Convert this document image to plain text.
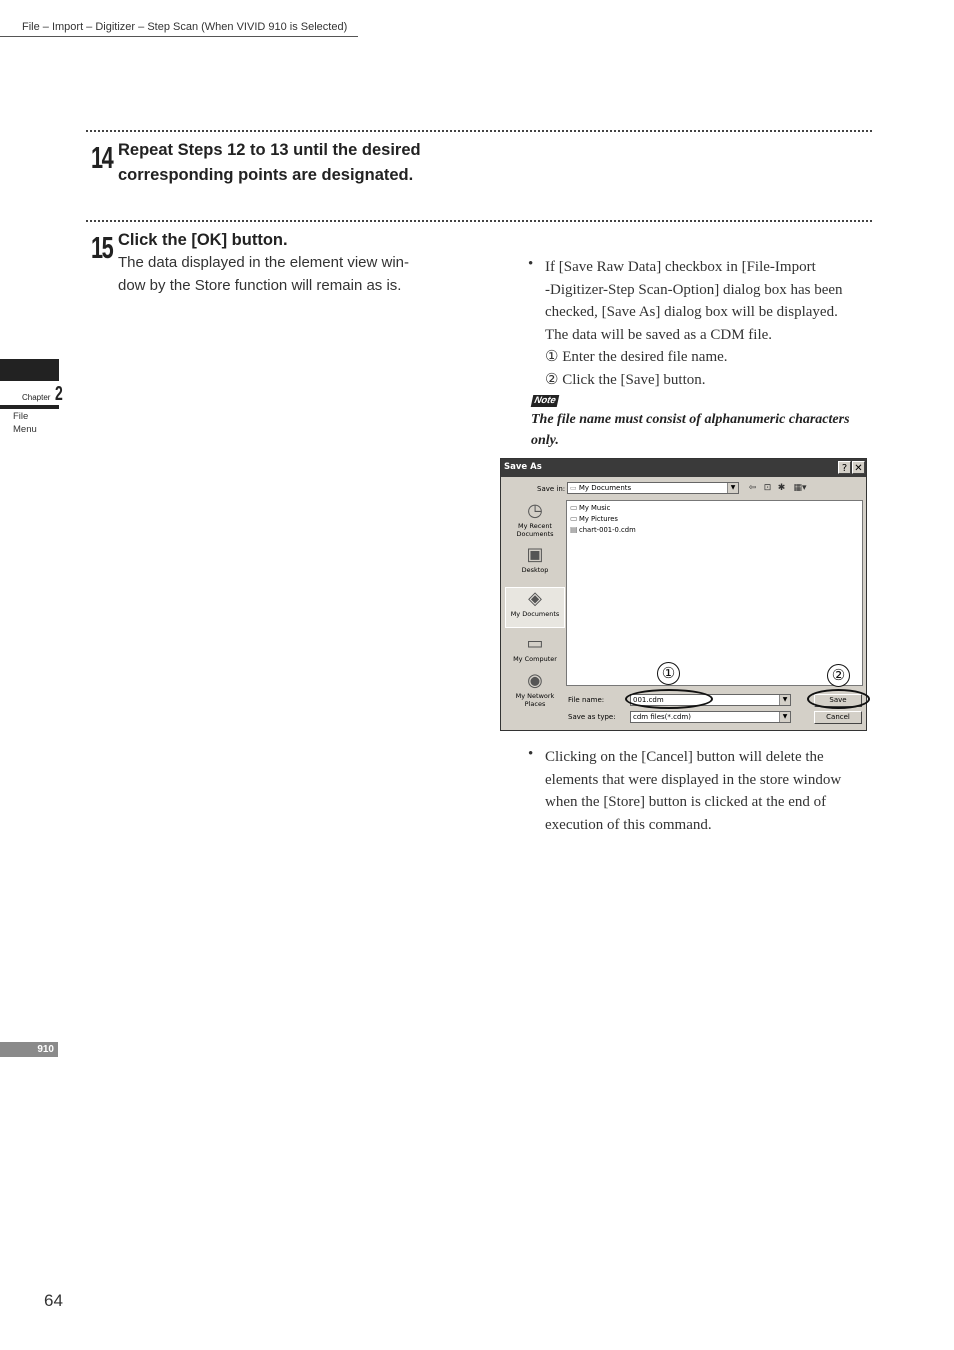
File – Import – Digitizer – Step Scan (When VIVID 910 is Selected)
14 Repeat Steps 12 to 13 until the desired
corresponding points are designated.
15 Click the [OK] button.
The data displayed in the element view win-
dow by the Store function will remain as is.
Chapter 2
File
Menu
910
• If [Save Raw Data] checkbox in [File-Import
-Digitizer-Step Scan-Option] dialog box has been
checked, [Save As] dialog box will be displayed.
The data will be saved as a CDM file.
① Enter the desired file name.
② Click the [Save] button.
Note
The file name must consist of alphanumeric characters
only.
Save As	? ✕
Save in: ▭ My Documents	▼ ⇦ ⊡ ✱ ▦▾
◷
My Recent
Documents
▣
Desktop
◈
My Documents
▭
My Computer
◉
My Network
Places
▭My Music
▭My Pictures
▤chart-001-0.cdm
File name:	001.cdm	▼
Save as type:	cdm files(*.cdm)	▼
Save
Cancel
①	②
• Clicking on the [Cancel] button will delete the
elements that were displayed in the store window
when the [Store] button is clicked at the end of
execution of this command.
64
